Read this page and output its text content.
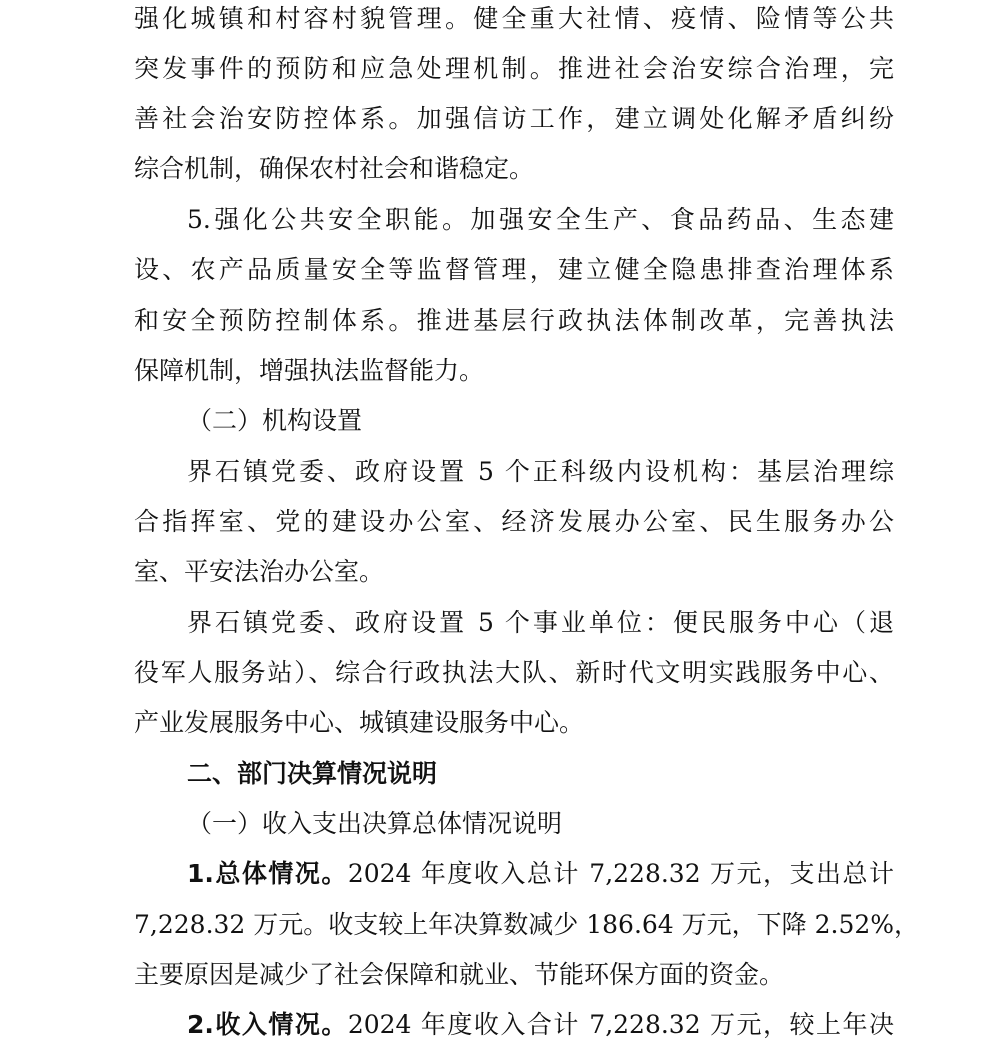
强化城镇和村容村貌管理。健全重大社情、疫情、险情等公共
突发事件的预防和应急处理机制。推进社会治安综合治理，完
善社会治安防控体系。加强信访工作，建立调处化解矛盾纠纷
综合机制，确保农村社会和谐稳定。
5.强化公共安全职能。加强安全生产、食品药品、生态建
设、农产品质量安全等监督管理，建立健全隐患排查治理体系
和安全预防控制体系。推进基层行政执法体制改革，完善执法
保障机制，增强执法监督能力。
（二）机构设置
界石镇党委、政府设置 5 个正科级内设机构：基层治理综
合指挥室、党的建设办公室、经济发展办公室、民生服务办公
室、平安法治办公室。
界石镇党委、政府设置 5 个事业单位：便民服务中心（退
役军人服务站）、综合行政执法大队、新时代文明实践服务中心、
产业发展服务中心、城镇建设服务中心。
二、部门决算情况说明
（一）收入支出决算总体情况说明
1.总体情况。2024 年度收入总计 7,228.32 万元，支出总计
7,228.32 万元。收支较上年决算数减少 186.64 万元，下降 2.52%，
主要原因是减少了社会保障和就业、节能环保方面的资金。
2.收入情况。2024 年度收入合计 7,228.32 万元，较上年决
